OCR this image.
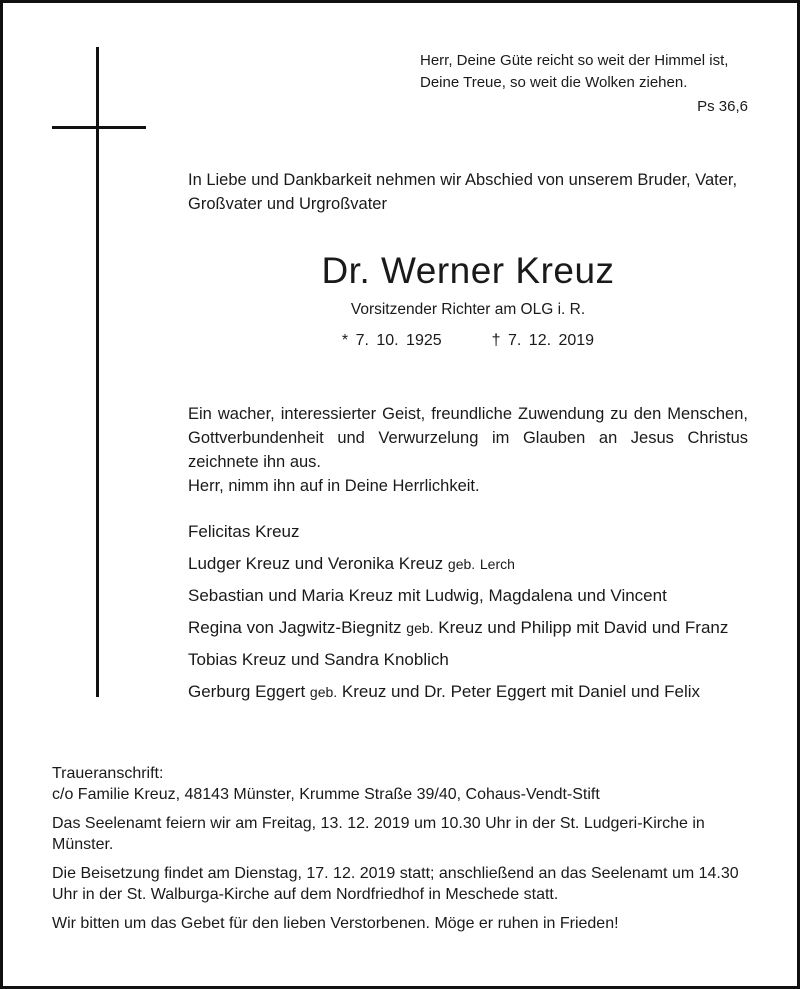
Herr, Deine Güte reicht so weit der Himmel ist,
Deine Treue, so weit die Wolken ziehen.
Ps 36,6
In Liebe und Dankbarkeit nehmen wir Abschied von unserem Bruder, Vater, Großvater und Urgroßvater
Dr. Werner Kreuz
Vorsitzender Richter am OLG i. R.
* 7. 10. 1925	† 7. 12. 2019
Ein wacher, interessierter Geist, freundliche Zuwendung zu den Menschen, Gottverbundenheit und Verwurzelung im Glauben an Jesus Christus zeichnete ihn aus.
Herr, nimm ihn auf in Deine Herrlichkeit.
Felicitas Kreuz
Ludger Kreuz und Veronika Kreuz geb. Lerch
Sebastian und Maria Kreuz mit Ludwig, Magdalena und Vincent
Regina von Jagwitz-Biegnitz geb. Kreuz und Philipp mit David und Franz
Tobias Kreuz und Sandra Knoblich
Gerburg Eggert geb. Kreuz und Dr. Peter Eggert mit Daniel und Felix
Traueranschrift:
c/o Familie Kreuz, 48143 Münster, Krumme Straße 39/40, Cohaus-Vendt-Stift
Das Seelenamt feiern wir am Freitag, 13. 12. 2019 um 10.30 Uhr in der St. Ludgeri-Kirche in Münster.
Die Beisetzung findet am Dienstag, 17. 12. 2019 statt; anschließend an das Seelenamt um 14.30 Uhr in der St. Walburga-Kirche auf dem Nordfriedhof in Meschede statt.
Wir bitten um das Gebet für den lieben Verstorbenen. Möge er ruhen in Frieden!
